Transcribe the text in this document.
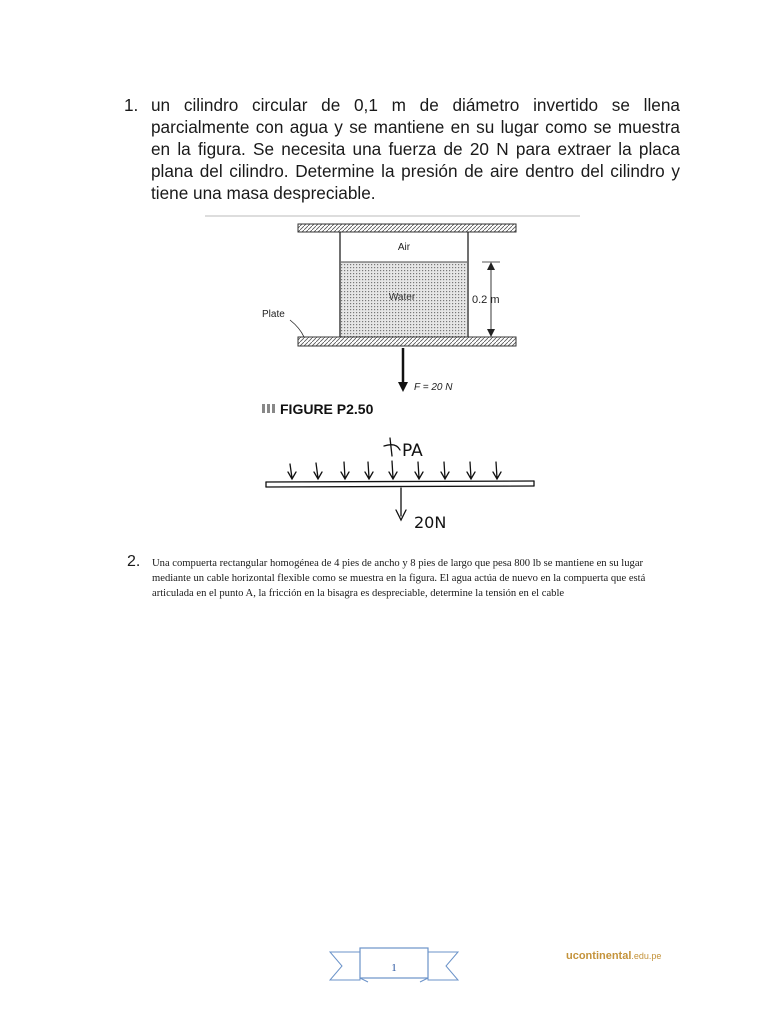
1. un cilindro circular de 0,1 m de diámetro invertido se llena parcialmente con agua y se mantiene en su lugar como se muestra en la figura. Se necesita una fuerza de 20 N para extraer la placa plana del cilindro. Determine la presión de aire dentro del cilindro y tiene una masa despreciable.
Air
Water	0.2 m
Plate
F = 20 N
FIGURE P2.50
PA
20N
2. Una compuerta rectangular homogénea de 4 pies de ancho y 8 pies de largo que pesa 800 lb se mantiene en su lugar mediante un cable horizontal flexible como se muestra en la figura. El agua actúa de nuevo en la compuerta que está articulada en el punto A, la fricción en la bisagra es despreciable, determine la tensión en el cable
1
ucontinental.edu.pe
